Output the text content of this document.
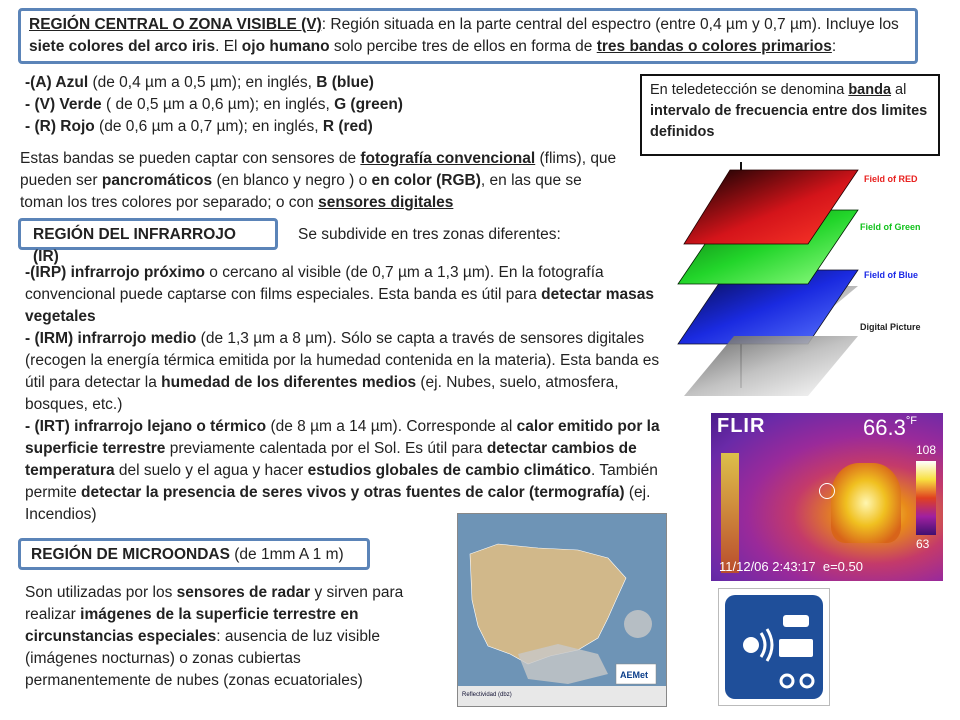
REGIÓN CENTRAL O ZONA VISIBLE (V): Región situada en la parte central del espectro (entre 0,4 µm y 0,7 µm). Incluye los siete colores del arco iris. El ojo humano solo percibe tres de ellos en forma de tres bandas o colores primarios:
-(A) Azul (de 0,4 µm a 0,5 µm); en inglés, B (blue)
- (V) Verde ( de 0,5 µm a 0,6 µm); en inglés, G (green)
- (R) Rojo (de 0,6 µm a 0,7 µm); en inglés, R (red)
Estas bandas se pueden captar con sensores de fotografía convencional (flims), que pueden ser pancromáticos (en blanco y negro ) o en color (RGB), en las que se toman los tres colores por separado; o con sensores digitales
En teledetección se denomina banda al intervalo de frecuencia entre dos limites definidos
REGIÓN DEL INFRARROJO (IR)
Se subdivide en tres zonas diferentes:
-(IRP) infrarrojo próximo o cercano al visible (de 0,7 µm a 1,3 µm). En la fotografía convencional puede captarse con films especiales. Esta banda es útil para detectar masas vegetales
- (IRM) infrarrojo medio (de 1,3 µm a 8 µm). Sólo se capta a través de sensores digitales (recogen la energía térmica emitida por la humedad contenida en la materia). Esta banda es útil para detectar la humedad de los diferentes medios (ej. Nubes, suelo, atmosfera, bosques, etc.)
- (IRT) infrarrojo lejano o térmico (de 8 µm a 14 µm). Corresponde al calor emitido por la superficie terrestre previamente calentada por el Sol. Es útil para detectar cambios de temperatura del suelo y el agua y hacer estudios globales de cambio climático. También permite detectar la presencia de seres vivos y otras fuentes de calor (termografía) (ej. Incendios)
REGIÓN DE MICROONDAS (de 1mm A 1 m)
Son utilizadas por los sensores de radar y sirven para realizar imágenes de la superficie terrestre en circunstancias especiales: ausencia de luz visible (imágenes nocturnas) o zonas cubiertas permanentemente de nubes (zonas ecuatoriales)
Field of RED
Field of Green
Field of Blue
Digital Picture
FLIR	$66.3^{^\circ F}$
108
63
11/12/06 2:43:17  e=0.50
Reflectividad (dbz)
AEMet
